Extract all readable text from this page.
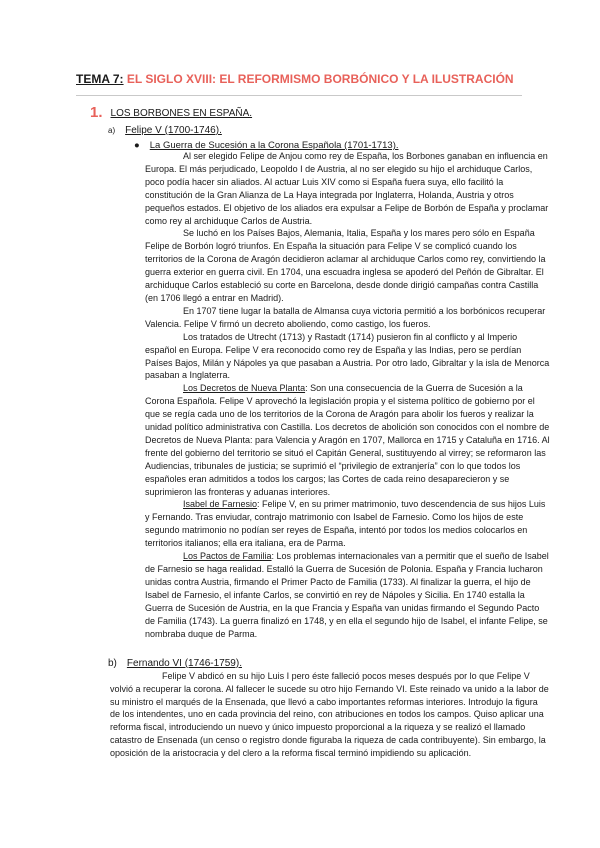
TEMA 7: EL SIGLO XVIII: EL REFORMISMO BORBÓNICO Y LA ILUSTRACIÓN
1. LOS BORBONES EN ESPAÑA.
a) Felipe V (1700-1746).
● La Guerra de Sucesión a la Corona Española (1701-1713).

Al ser elegido Felipe de Anjou como rey de España, los Borbones ganaban en influencia en Europa. El más perjudicado, Leopoldo I de Austria, al no ser elegido su hijo el archiduque Carlos, poco podía hacer sin aliados. Al actuar Luis XIV como si España fuera suya, ello facilitó la constitución de la Gran Alianza de La Haya integrada por Inglaterra, Holanda, Austria y otros pequeños estados. El objetivo de los aliados era expulsar a Felipe de Borbón de España y proclamar como rey al archiduque Carlos de Austria.

Se luchó en los Países Bajos, Alemania, Italia, España y los mares pero sólo en España Felipe de Borbón logró triunfos. En España la situación para Felipe V se complicó cuando los territorios de la Corona de Aragón decidieron aclamar al archiduque Carlos como rey, convirtiendo la guerra exterior en guerra civil. En 1704, una escuadra inglesa se apoderó del Peñón de Gibraltar. El archiduque Carlos estableció su corte en Barcelona, desde donde dirigió campañas contra Castilla (en 1706 llegó a entrar en Madrid).

En 1707 tiene lugar la batalla de Almansa cuya victoria permitió a los borbónicos recuperar Valencia. Felipe V firmó un decreto aboliendo, como castigo, los fueros.

Los tratados de Utrecht (1713) y Rastadt (1714) pusieron fin al conflicto y al Imperio español en Europa. Felipe V era reconocido como rey de España y las Indias, pero se perdían Países Bajos, Milán y Nápoles ya que pasaban a Austria. Por otro lado, Gibraltar y la isla de Menorca pasaban a Inglaterra.

Los Decretos de Nueva Planta: Son una consecuencia de la Guerra de Sucesión a la Corona Española. Felipe V aprovechó la legislación propia y el sistema político de gobierno por el que se regía cada uno de los territorios de la Corona de Aragón para abolir los fueros y realizar la unidad político administrativa con Castilla. Los decretos de abolición son conocidos con el nombre de Decretos de Nueva Planta: para Valencia y Aragón en 1707, Mallorca en 1715 y Cataluña en 1716. Al frente del gobierno del territorio se situó el Capitán General, sustituyendo al virrey; se reformaron las Audiencias, tribunales de justicia; se suprimió el “privilegio de extranjería” con lo que todos los españoles eran admitidos a todos los cargos; las Cortes de cada reino desaparecieron y se suprimieron las fronteras y aduanas interiores.

Isabel de Farnesio: Felipe V, en su primer matrimonio, tuvo descendencia de sus hijos Luis y Fernando. Tras enviudar, contrajo matrimonio con Isabel de Farnesio. Como los hijos de este segundo matrimonio no podían ser reyes de España, intentó por todos los medios colocarlos en territorios italianos; ella era italiana, era de Parma.

Los Pactos de Familia: Los problemas internacionales van a permitir que el sueño de Isabel de Farnesio se haga realidad. Estalló la Guerra de Sucesión de Polonia. España y Francia lucharon unidas contra Austria, firmando el Primer Pacto de Familia (1733). Al finalizar la guerra, el hijo de Isabel de Farnesio, el infante Carlos, se convirtió en rey de Nápoles y Sicilia. En 1740 estalla la Guerra de Sucesión de Austria, en la que Francia y España van unidas firmando el Segundo Pacto de Familia (1743). La guerra finalizó en 1748, y en ella el segundo hijo de Isabel, el infante Felipe, se nombraba duque de Parma.

b) Fernando VI (1746-1759).

Felipe V abdicó en su hijo Luis I pero éste falleció pocos meses después por lo que Felipe V volvió a recuperar la corona. Al fallecer le sucede su otro hijo Fernando VI. Este reinado va unido a la labor de su ministro el marqués de la Ensenada, que llevó a cabo importantes reformas interiores. Introdujo la figura de los intendentes, uno en cada provincia del reino, con atribuciones en todos los campos. Quiso aplicar una reforma fiscal, introduciendo un nuevo y único impuesto proporcional a la riqueza y se realizó el llamado catastro de Ensenada (un censo o registro donde figuraba la riqueza de cada contribuyente). Sin embargo, la oposición de la aristocracia y del clero a la reforma fiscal terminó impidiendo su aplicación.
